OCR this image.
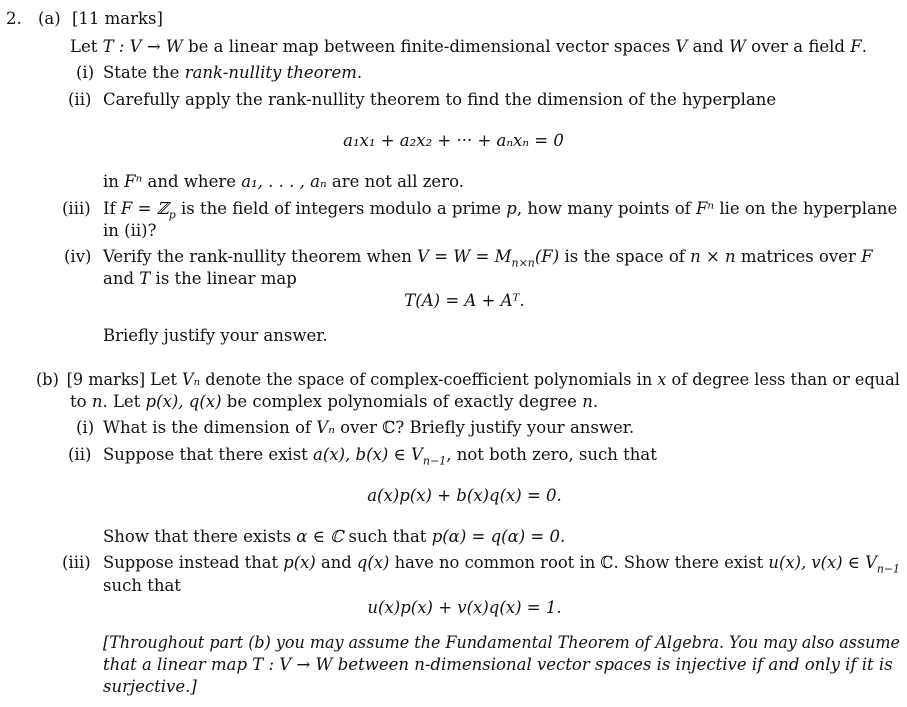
2. (a) [11 marks]
Let T : V → W be a linear map between finite-dimensional vector spaces V and W over a field F.
(i) State the rank-nullity theorem.
(ii) Carefully apply the rank-nullity theorem to find the dimension of the hyperplane
a₁x₁ + a₂x₂ + ··· + aₙxₙ = 0
in Fⁿ and where a₁, . . . , aₙ are not all zero.
(iii) If F = ℤ$_p$ is the field of integers modulo a prime p, how many points of Fⁿ lie on the hyperplane
in (ii)?
(iv) Verify the rank-nullity theorem when $V = W = M_{n\times n}(F)$ is the space of n × n matrices over F
and T is the linear map
T(A) = A + Aᵀ.
Briefly justify your answer.
(b) [9 marks] Let Vₙ denote the space of complex-coefficient polynomials in x of degree less than or equal
to n. Let p(x), q(x) be complex polynomials of exactly degree n.
(i) What is the dimension of Vₙ over ℂ? Briefly justify your answer.
(ii) Suppose that there exist a(x), b(x) ∈ $V_{n-1}$, not both zero, such that
a(x)p(x) + b(x)q(x) = 0.
Show that there exists α ∈ ℂ such that p(α) = q(α) = 0.
(iii) Suppose instead that p(x) and q(x) have no common root in ℂ. Show there exist u(x), v(x) ∈ $V_{n-1}$
such that
u(x)p(x) + v(x)q(x) = 1.
[Throughout part (b) you may assume the Fundamental Theorem of Algebra. You may also assume
that a linear map T : V → W between n-dimensional vector spaces is injective if and only if it is
surjective.]
